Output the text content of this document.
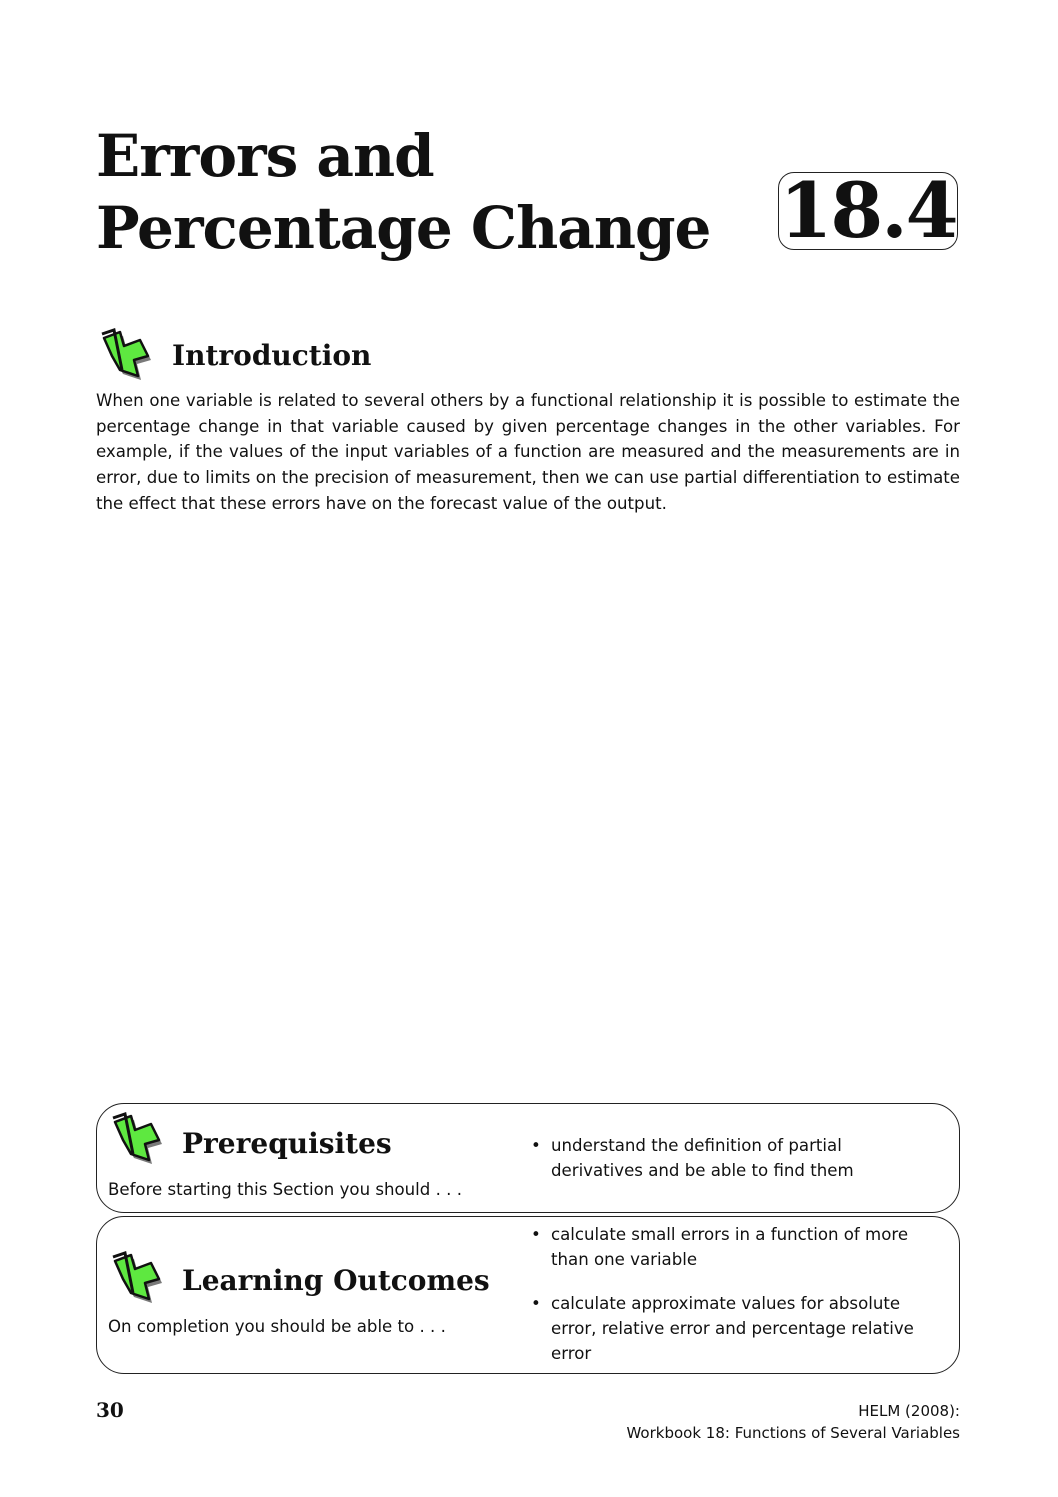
Errors and
Percentage Change 18.4
Introduction

When one variable is related to several others by a functional relationship it is possible to estimate the percentage change in that variable caused by given percentage changes in the other variables. For example, if the values of the input variables of a function are measured and the measurements are in error, due to limits on the precision of measurement, then we can use partial differentiation to estimate the effect that these errors have on the forecast value of the output.

Prerequisites
Before starting this Section you should . . .
• understand the definition of partial derivatives and be able to find them
Learning Outcomes
On completion you should be able to . . .
• calculate small errors in a function of more than one variable
• calculate approximate values for absolute error, relative error and percentage relative error
30	HELM (2008):
Workbook 18: Functions of Several Variables
